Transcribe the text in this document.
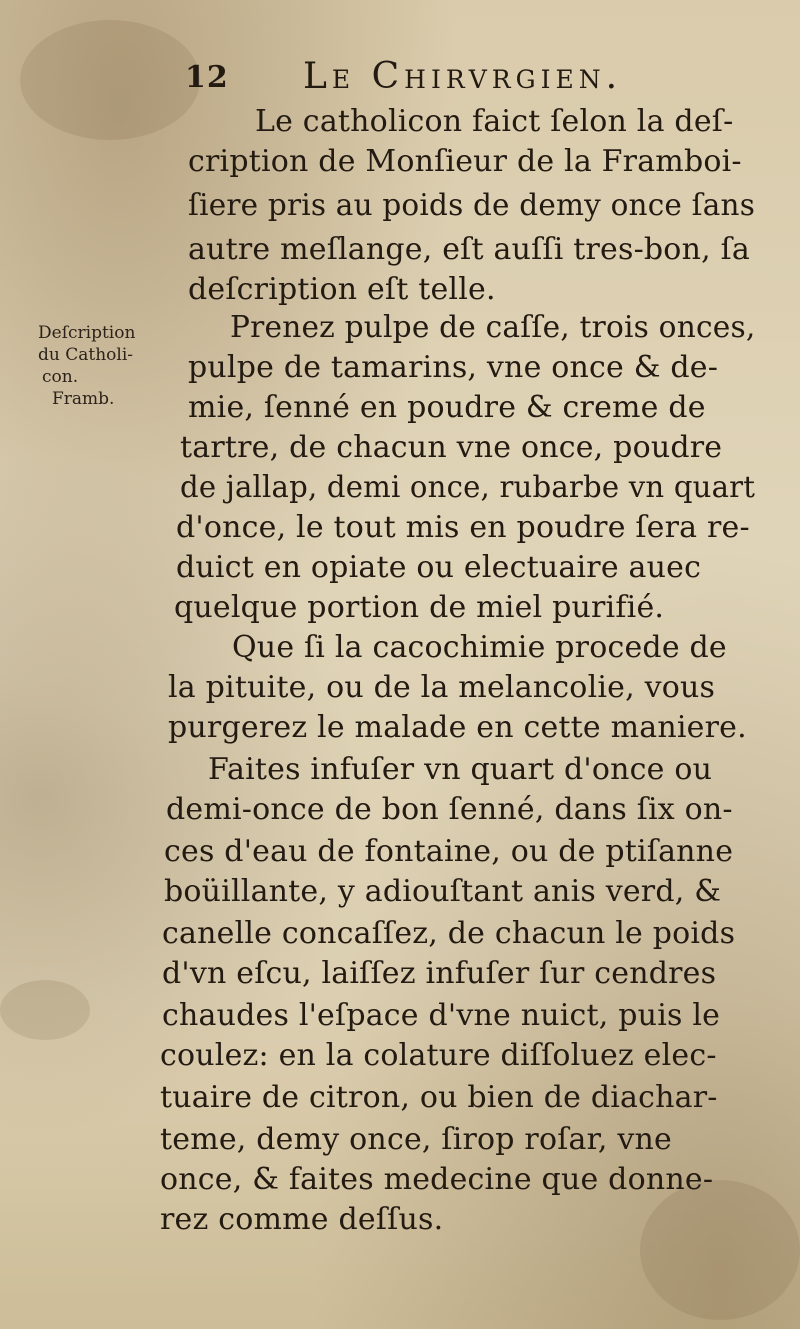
12 Le Chirvrgien.
Deſcription
du Catholi-
con.
Framb.
Le catholicon faict ſelon la deſ-
cription de Monſieur de la Framboi-
ſiere pris au poids de demy once ſans
autre meſlange, eſt auſſi tres-bon, ſa
deſcription eſt telle.
Prenez pulpe de caſſe, trois onces,
pulpe de tamarins, vne once & de-
mie, ſenné en poudre & creme de
tartre, de chacun vne once, poudre
de jallap, demi once, rubarbe vn quart
d'once, le tout mis en poudre ſera re-
duict en opiate ou electuaire auec
quelque portion de miel purifié.
Que ſi la cacochimie procede de
la pituite, ou de la melancolie, vous
purgerez le malade en cette maniere.
Faites infuſer vn quart d'once ou
demi-once de bon ſenné, dans ſix on-
ces d'eau de fontaine, ou de ptiſanne
boüillante, y adiouſtant anis verd, &
canelle concaſſez, de chacun le poids
d'vn eſcu, laiſſez infuſer ſur cendres
chaudes l'eſpace d'vne nuict, puis le
coulez: en la colature diſſoluez elec-
tuaire de citron, ou bien de diachar-
teme, demy once, ſirop roſar, vne
once, & faites medecine que donne-
rez comme deſſus.
